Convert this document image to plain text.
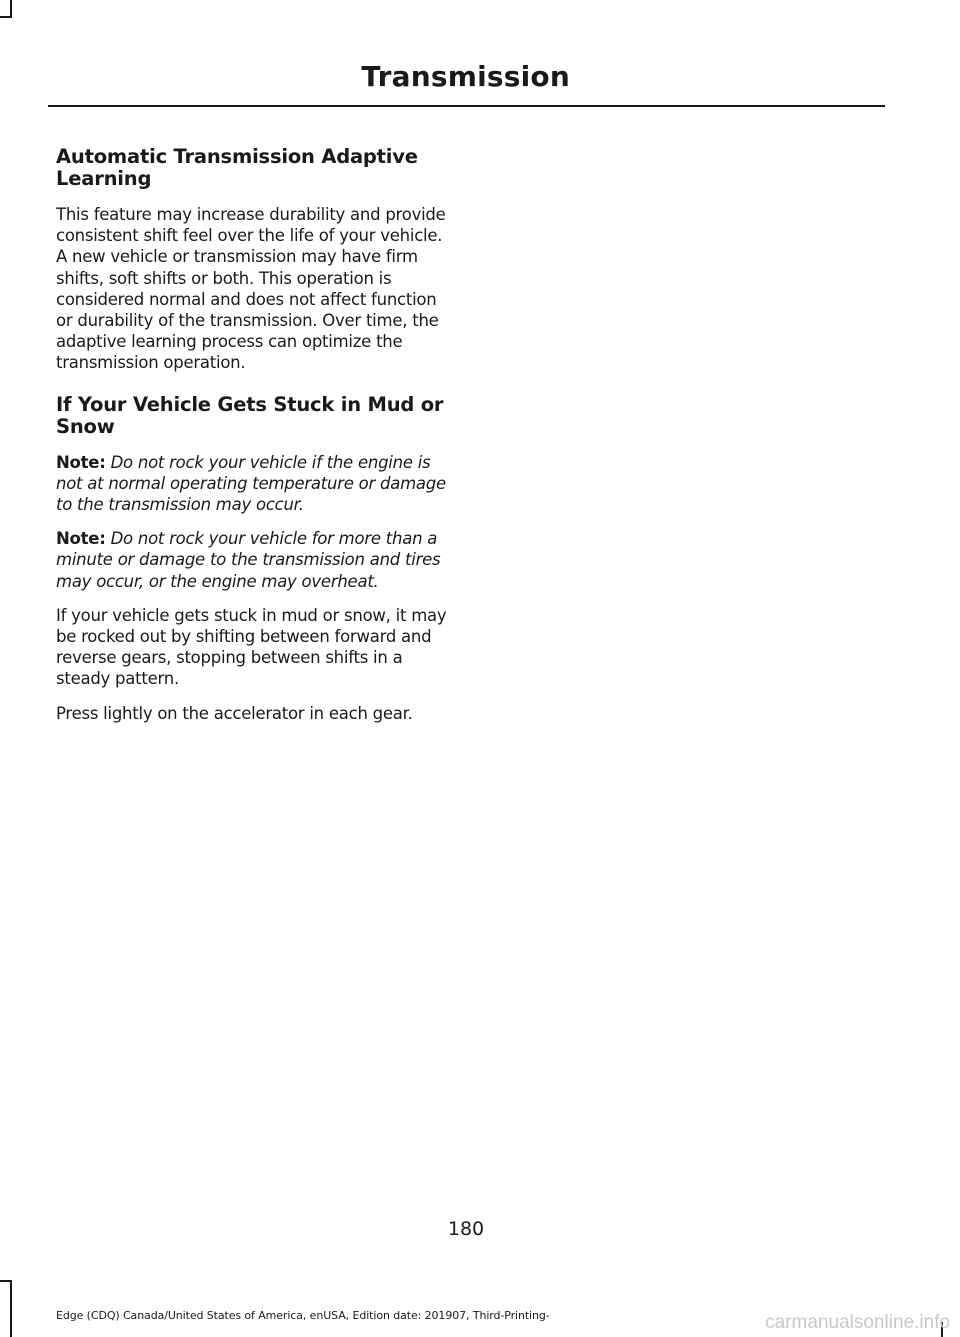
Transmission
Automatic Transmission Adaptive Learning

This feature may increase durability and provide consistent shift feel over the life of your vehicle. A new vehicle or transmission may have firm shifts, soft shifts or both. This operation is considered normal and does not affect function or durability of the transmission. Over time, the adaptive learning process can optimize the transmission operation.

If Your Vehicle Gets Stuck in Mud or Snow

Note: Do not rock your vehicle if the engine is not at normal operating temperature or damage to the transmission may occur.

Note: Do not rock your vehicle for more than a minute or damage to the transmission and tires may occur, or the engine may overheat.

If your vehicle gets stuck in mud or snow, it may be rocked out by shifting between forward and reverse gears, stopping between shifts in a steady pattern.

Press lightly on the accelerator in each gear.

180
Edge (CDQ) Canada/United States of America, enUSA, Edition date: 201907, Third-Printing-	carmanualsonline.info
